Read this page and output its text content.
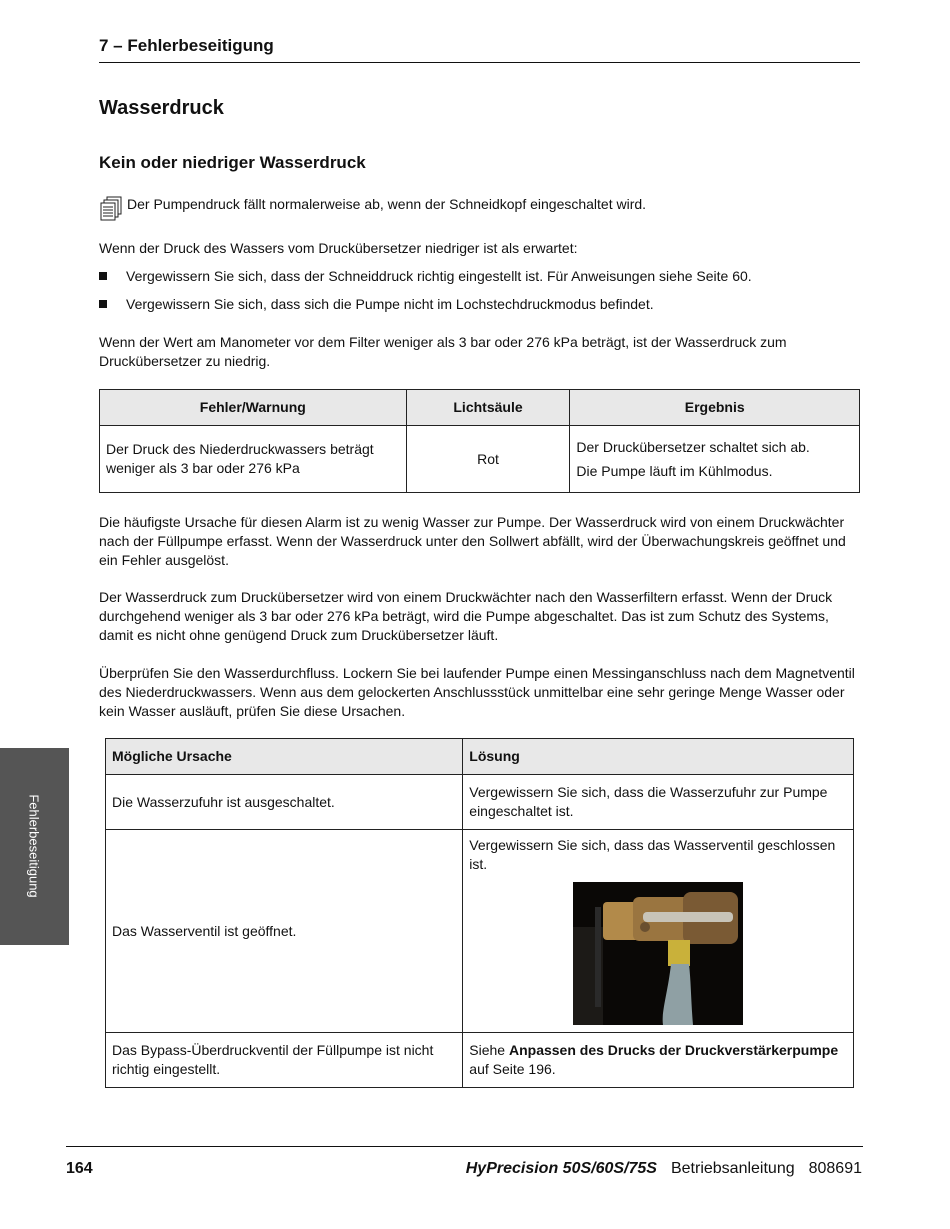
7 – Fehlerbeseitigung
Wasserdruck
Kein oder niedriger Wasserdruck
Der Pumpendruck fällt normalerweise ab, wenn der Schneidkopf eingeschaltet wird.
Wenn der Druck des Wassers vom Druckübersetzer niedriger ist als erwartet:
Vergewissern Sie sich, dass der Schneiddruck richtig eingestellt ist. Für Anweisungen siehe Seite 60.
Vergewissern Sie sich, dass sich die Pumpe nicht im Lochstechdruckmodus befindet.
Wenn der Wert am Manometer vor dem Filter weniger als 3 bar oder 276 kPa beträgt, ist der Wasserdruck zum Druckübersetzer zu niedrig.
Fehler/Warnung	Lichtsäule	Ergebnis
Der Druck des Niederdruckwassers beträgt weniger als 3 bar oder 276 kPa	Rot	Der Druckübersetzer schaltet sich ab.
Die Pumpe läuft im Kühlmodus.
Die häufigste Ursache für diesen Alarm ist zu wenig Wasser zur Pumpe. Der Wasserdruck wird von einem Druckwächter nach der Füllpumpe erfasst. Wenn der Wasserdruck unter den Sollwert abfällt, wird der Überwachungskreis geöffnet und ein Fehler ausgelöst.
Der Wasserdruck zum Druckübersetzer wird von einem Druckwächter nach den Wasserfiltern erfasst. Wenn der Druck durchgehend weniger als 3 bar oder 276 kPa beträgt, wird die Pumpe abgeschaltet. Das ist zum Schutz des Systems, damit es nicht ohne genügend Druck zum Druckübersetzer läuft.
Überprüfen Sie den Wasserdurchfluss. Lockern Sie bei laufender Pumpe einen Messinganschluss nach dem Magnetventil des Niederdruckwassers. Wenn aus dem gelockerten Anschlussstück unmittelbar eine sehr geringe Menge Wasser oder kein Wasser ausläuft, prüfen Sie diese Ursachen.
Mögliche Ursache	Lösung
Die Wasserzufuhr ist ausgeschaltet.	Vergewissern Sie sich, dass die Wasserzufuhr zur Pumpe eingeschaltet ist.
Das Wasserventil ist geöffnet.	Vergewissern Sie sich, dass das Wasserventil geschlossen ist.

Das Bypass-Überdruckventil der Füllpumpe ist nicht richtig eingestellt.	Siehe Anpassen des Drucks der Druckverstärkerpumpe auf Seite 196.
Fehlerbeseitigung
164	HyPrecision 50S/60S/75S Betriebsanleitung 808691
